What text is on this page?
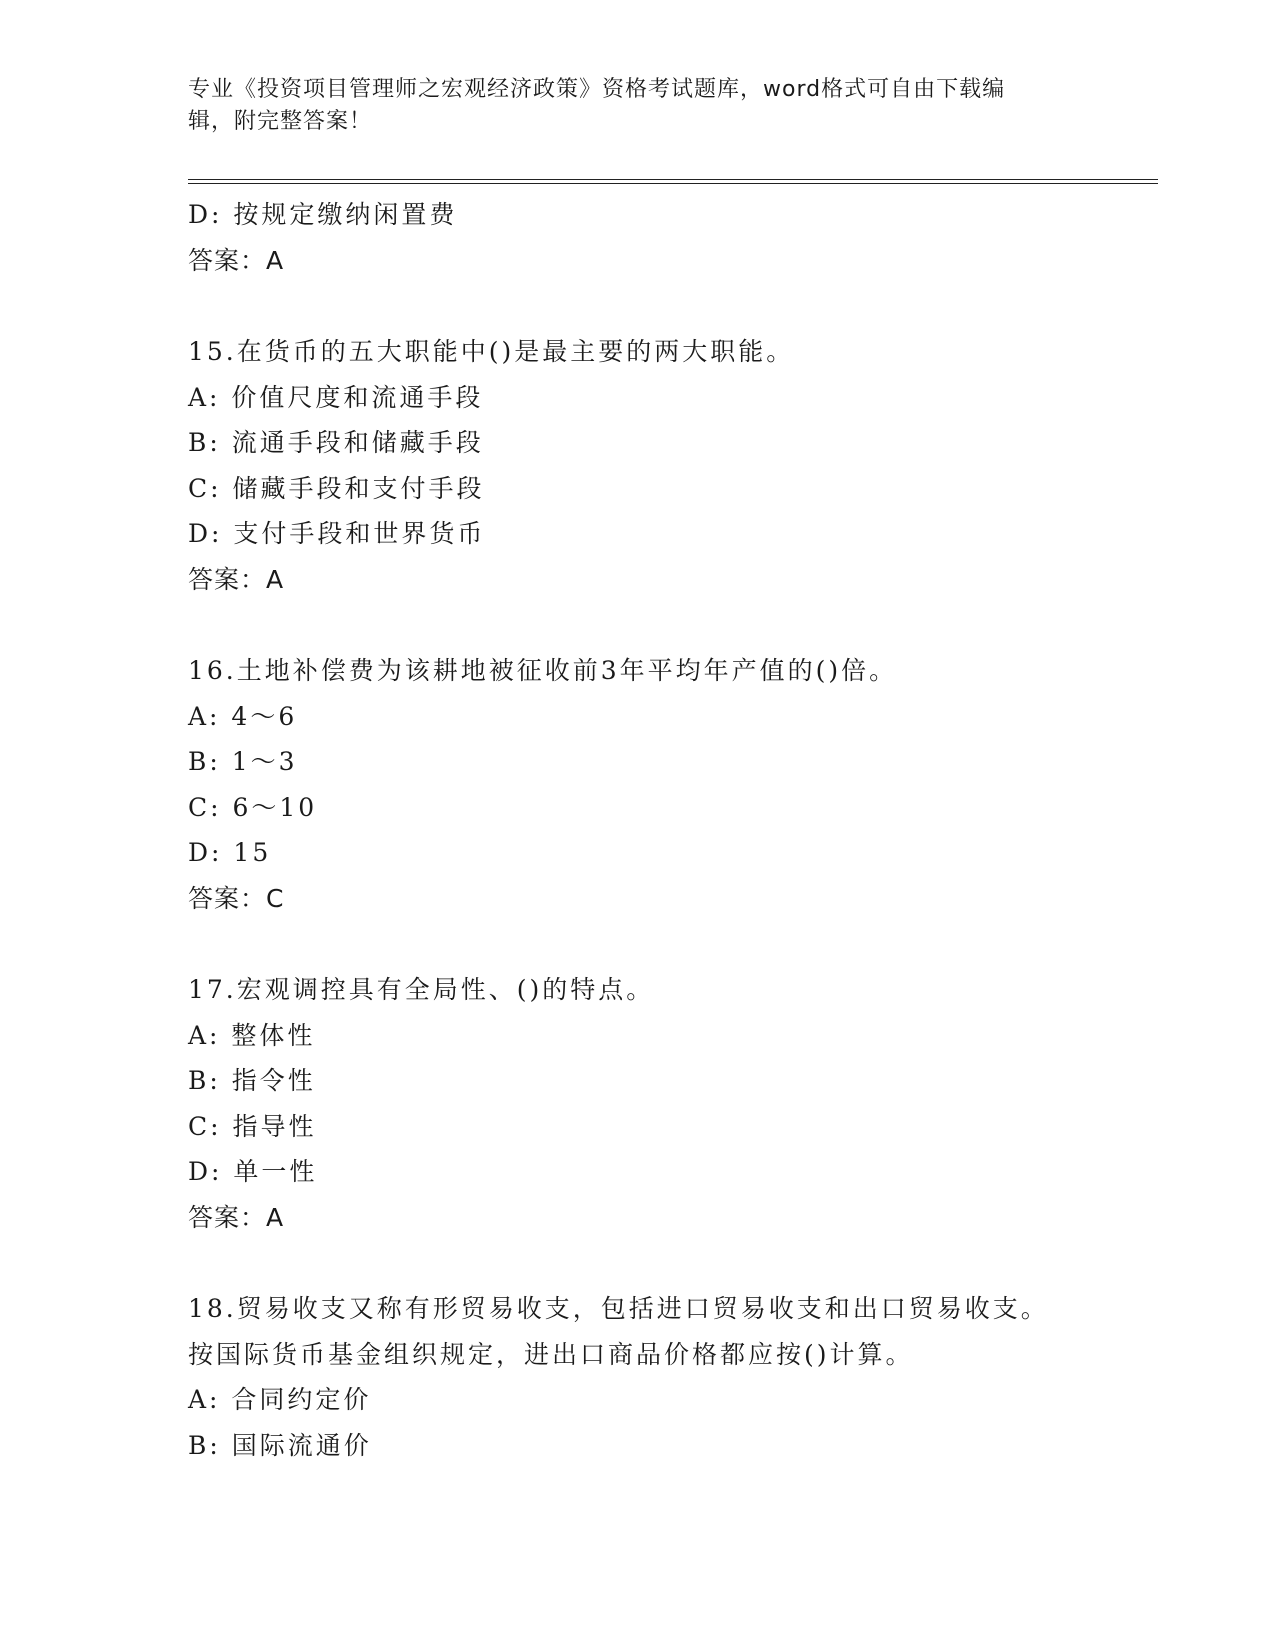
专业《投资项目管理师之宏观经济政策》资格考试题库，word格式可自由下载编
辑，附完整答案！
D: 按规定缴纳闲置费
答案：A
15.在货币的五大职能中()是最主要的两大职能。
A: 价值尺度和流通手段
B: 流通手段和储藏手段
C: 储藏手段和支付手段
D: 支付手段和世界货币
答案：A
16.土地补偿费为该耕地被征收前3年平均年产值的()倍。
A: 4～6
B: 1～3
C: 6～10
D: 15
答案：C
17.宏观调控具有全局性、()的特点。
A: 整体性
B: 指令性
C: 指导性
D: 单一性
答案：A
18.贸易收支又称有形贸易收支，包括进口贸易收支和出口贸易收支。
按国际货币基金组织规定，进出口商品价格都应按()计算。
A: 合同约定价
B: 国际流通价
